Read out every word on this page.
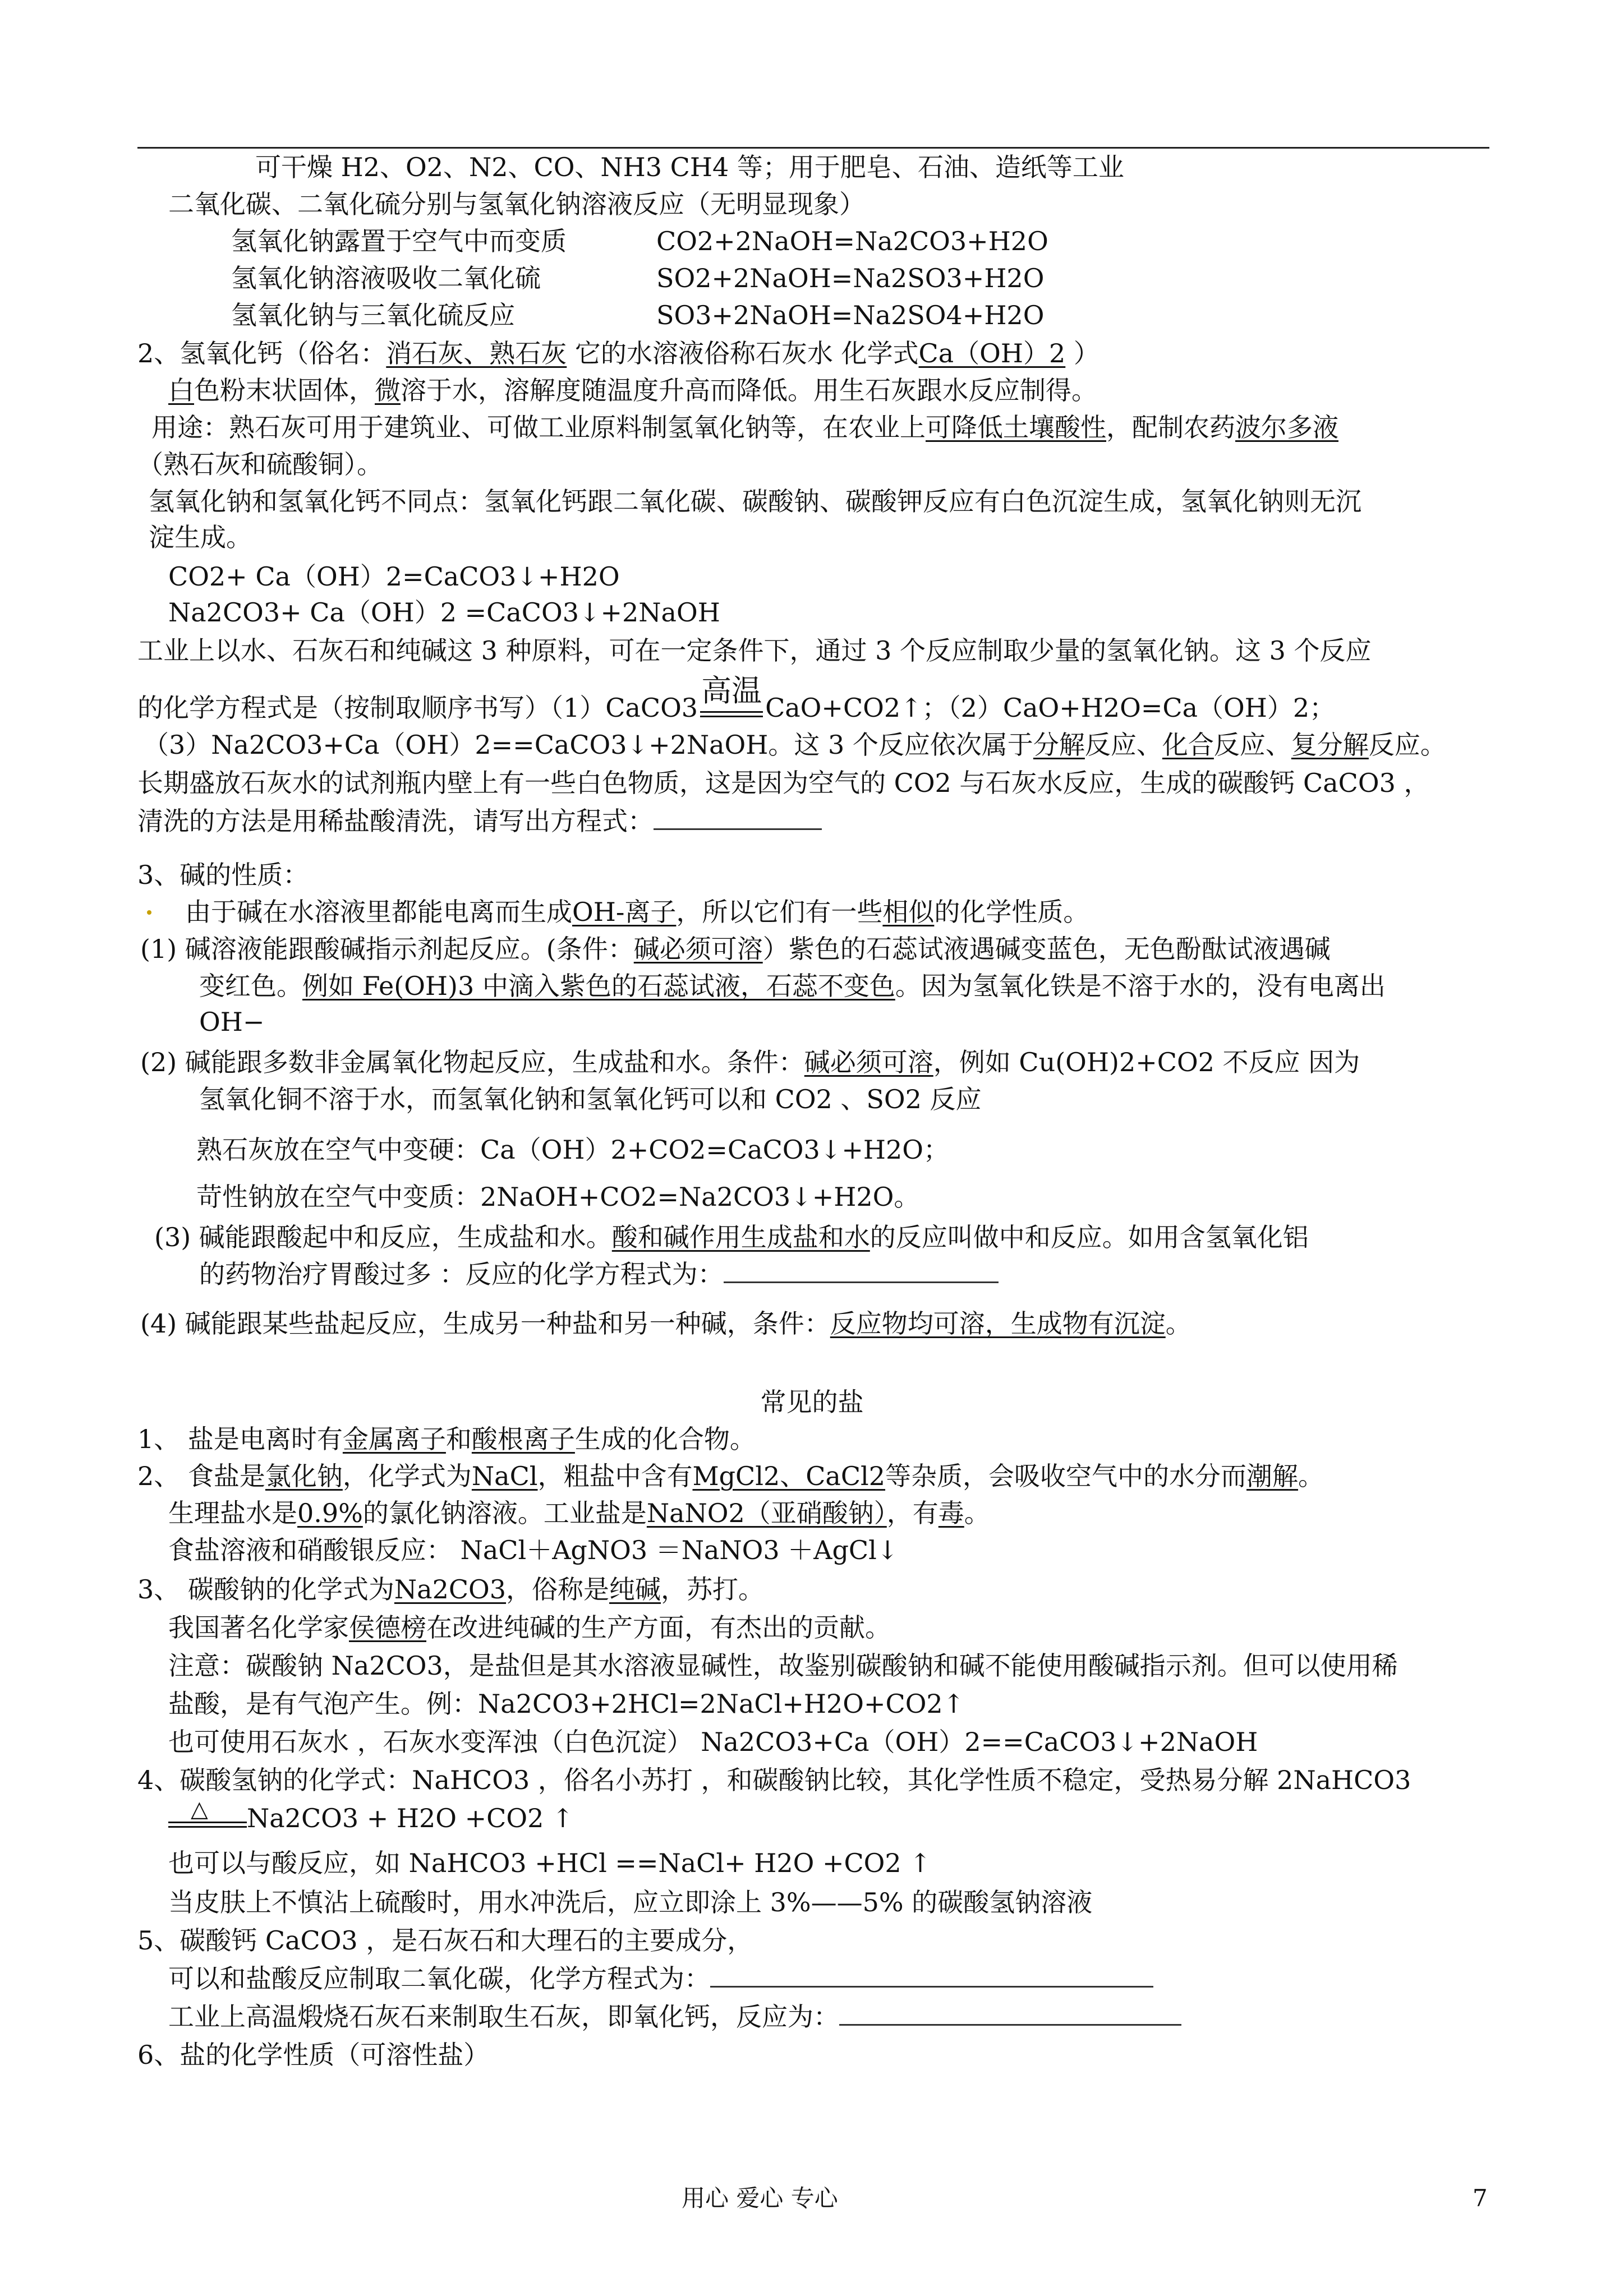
可干燥 H2、O2、N2、CO、NH3 CH4 等；用于肥皂、石油、造纸等工业
二氧化碳、二氧化硫分别与氢氧化钠溶液反应（无明显现象）
氢氧化钠露置于空气中而变质	CO2+2NaOH=Na2CO3+H2O
氢氧化钠溶液吸收二氧化硫	SO2+2NaOH=Na2SO3+H2O
氢氧化钠与三氧化硫反应	SO3+2NaOH=Na2SO4+H2O
2、氢氧化钙（俗名：消石灰、熟石灰 它的水溶液俗称石灰水 化学式Ca（OH）2 ）
白色粉末状固体，微溶于水，溶解度随温度升高而降低。用生石灰跟水反应制得。
用途：熟石灰可用于建筑业、可做工业原料制氢氧化钠等，在农业上可降低土壤酸性，配制农药波尔多液
（熟石灰和硫酸铜）。
氢氧化钠和氢氧化钙不同点：氢氧化钙跟二氧化碳、碳酸钠、碳酸钾反应有白色沉淀生成，氢氧化钠则无沉
淀生成。
CO2+ Ca（OH）2=CaCO3↓+H2O
Na2CO3+ Ca（OH）2 =CaCO3↓+2NaOH
工业上以水、石灰石和纯碱这 3 种原料，可在一定条件下，通过 3 个反应制取少量的氢氧化钠。这 3 个反应
的化学方程式是（按制取顺序书写）（1）CaCO3 高温 CaO+CO2↑；（2）CaO+H2O=Ca（OH）2；
（3）Na2CO3+Ca（OH）2==CaCO3↓+2NaOH。这 3 个反应依次属于分解反应、化合反应、复分解反应。
长期盛放石灰水的试剂瓶内壁上有一些白色物质，这是因为空气的 CO2 与石灰水反应，生成的碳酸钙 CaCO3 ，
清洗的方法是用稀盐酸清洗，请写出方程式：
3、碱的性质：
由于碱在水溶液里都能电离而生成OH-离子，所以它们有一些相似的化学性质。
(1) 碱溶液能跟酸碱指示剂起反应。(条件：碱必须可溶）紫色的石蕊试液遇碱变蓝色，无色酚酞试液遇碱
变红色。例如 Fe(OH)3 中滴入紫色的石蕊试液，石蕊不变色。因为氢氧化铁是不溶于水的，没有电离出
OH−
(2) 碱能跟多数非金属氧化物起反应，生成盐和水。条件：碱必须可溶，例如 Cu(OH)2+CO2 不反应 因为
氢氧化铜不溶于水，而氢氧化钠和氢氧化钙可以和 CO2 、SO2 反应
熟石灰放在空气中变硬：Ca（OH）2+CO2=CaCO3↓+H2O；
苛性钠放在空气中变质：2NaOH+CO2=Na2CO3↓+H2O。
(3) 碱能跟酸起中和反应，生成盐和水。酸和碱作用生成盐和水的反应叫做中和反应。如用含氢氧化铝
的药物治疗胃酸过多 ：反应的化学方程式为：
(4) 碱能跟某些盐起反应，生成另一种盐和另一种碱，条件：反应物均可溶，生成物有沉淀。
常见的盐
1、 盐是电离时有金属离子和酸根离子生成的化合物。
2、 食盐是氯化钠，化学式为NaCl，粗盐中含有MgCl2、CaCl2等杂质，会吸收空气中的水分而潮解。
生理盐水是0.9%的氯化钠溶液。工业盐是NaNO2（亚硝酸钠），有毒。
食盐溶液和硝酸银反应： NaCl＋AgNO3 ＝NaNO3 ＋AgCl↓
3、 碳酸钠的化学式为Na2CO3，俗称是纯碱，苏打。
我国著名化学家侯德榜在改进纯碱的生产方面，有杰出的贡献。
注意：碳酸钠 Na2CO3，是盐但是其水溶液显碱性，故鉴别碳酸钠和碱不能使用酸碱指示剂。但可以使用稀
盐酸，是有气泡产生。例：Na2CO3+2HCl=2NaCl+H2O+CO2↑
也可使用石灰水 ，石灰水变浑浊（白色沉淀） Na2CO3+Ca（OH）2==CaCO3↓+2NaOH
4、碳酸氢钠的化学式：NaHCO3 ，俗名小苏打 ，和碳酸钠比较，其化学性质不稳定，受热易分解 2NaHCO3
△ Na2CO3 + H2O +CO2 ↑
也可以与酸反应，如 NaHCO3 +HCl ==NaCl+ H2O +CO2 ↑
当皮肤上不慎沾上硫酸时，用水冲洗后，应立即涂上 3%——5% 的碳酸氢钠溶液
5、碳酸钙 CaCO3 ，是石灰石和大理石的主要成分，
可以和盐酸反应制取二氧化碳，化学方程式为：
工业上高温煅烧石灰石来制取生石灰，即氧化钙，反应为：
6、盐的化学性质（可溶性盐）
用心 爱心 专心	7
